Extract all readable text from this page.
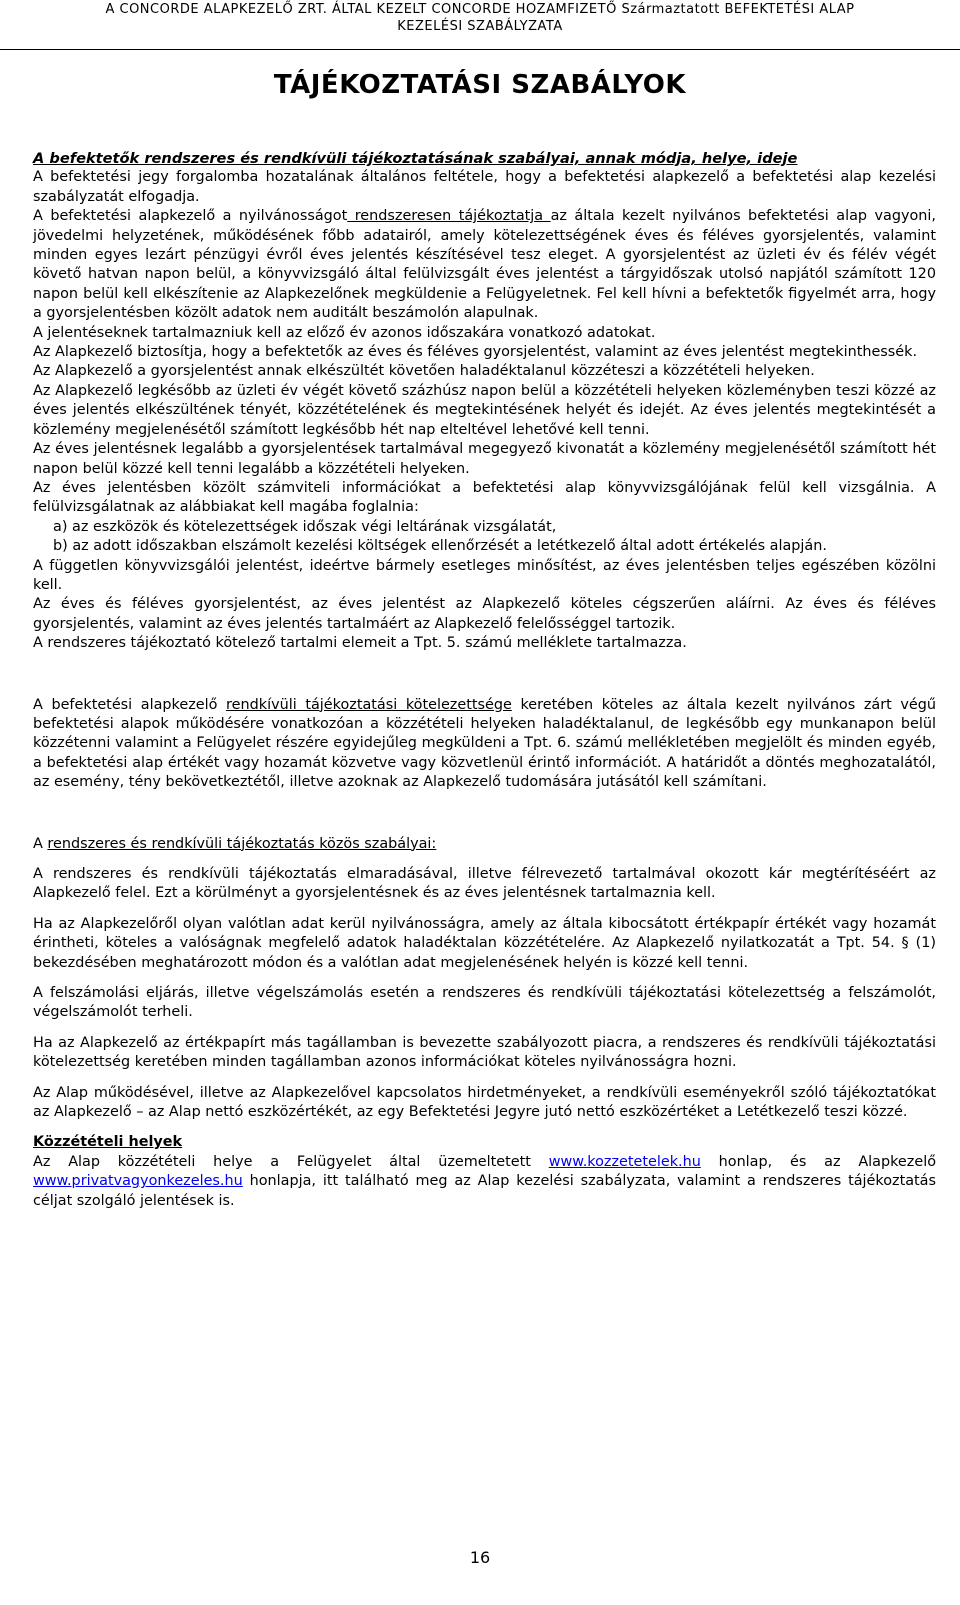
A CONCORDE ALAPKEZELŐ ZRT. ÁLTAL KEZELT CONCORDE HOZAMFIZETŐ Származtatott BEFEKTETÉSI ALAP
KEZELÉSI SZABÁLYZATA
TÁJÉKOZTATÁSI SZABÁLYOK

A befektetők rendszeres és rendkívüli tájékoztatásának szabályai, annak módja, helye, ideje

A befektetési jegy forgalomba hozatalának általános feltétele, hogy a befektetési alapkezelő a befektetési alap kezelési szabályzatát elfogadja.

A befektetési alapkezelő a nyilvánosságot rendszeresen tájékoztatja az általa kezelt nyilvános befektetési alap vagyoni, jövedelmi helyzetének, működésének főbb adatairól, amely kötelezettségének éves és féléves gyorsjelentés, valamint minden egyes lezárt pénzügyi évről éves jelentés készítésével tesz eleget. A gyorsjelentést az üzleti év és félév végét követő hatvan napon belül, a könyvvizsgáló által felülvizsgált éves jelentést a tárgyidőszak utolsó napjától számított 120 napon belül kell elkészítenie az Alapkezelőnek megküldenie a Felügyeletnek. Fel kell hívni a befektetők figyelmét arra, hogy a gyorsjelentésben közölt adatok nem auditált beszámolón alapulnak.

A jelentéseknek tartalmazniuk kell az előző év azonos időszakára vonatkozó adatokat.

Az Alapkezelő biztosítja, hogy a befektetők az éves és féléves gyorsjelentést, valamint az éves jelentést megtekinthessék.

Az Alapkezelő a gyorsjelentést annak elkészültét követően haladéktalanul közzéteszi a közzétételi helyeken.

Az Alapkezelő legkésőbb az üzleti év végét követő százhúsz napon belül a közzétételi helyeken közleményben teszi közzé az éves jelentés elkészültének tényét, közzétételének és megtekintésének helyét és idejét. Az éves jelentés megtekintését a közlemény megjelenésétől számított legkésőbb hét nap elteltével lehetővé kell tenni.

Az éves jelentésnek legalább a gyorsjelentések tartalmával megegyező kivonatát a közlemény megjelenésétől számított hét napon belül közzé kell tenni legalább a közzétételi helyeken.

Az éves jelentésben közölt számviteli információkat a befektetési alap könyvvizsgálójának felül kell vizsgálnia. A felülvizsgálatnak az alábbiakat kell magába foglalnia:

a) az eszközök és kötelezettségek időszak végi leltárának vizsgálatát,

b) az adott időszakban elszámolt kezelési költségek ellenőrzését a letétkezelő által adott értékelés alapján.

A független könyvvizsgálói jelentést, ideértve bármely esetleges minősítést, az éves jelentésben teljes egészében közölni kell.

Az éves és féléves gyorsjelentést, az éves jelentést az Alapkezelő köteles cégszerűen aláírni. Az éves és féléves gyorsjelentés, valamint az éves jelentés tartalmáért az Alapkezelő felelősséggel tartozik.

A rendszeres tájékoztató kötelező tartalmi elemeit a Tpt. 5. számú melléklete tartalmazza.

A befektetési alapkezelő rendkívüli tájékoztatási kötelezettsége keretében köteles az általa kezelt nyilvános zárt végű befektetési alapok működésére vonatkozóan a közzétételi helyeken haladéktalanul, de legkésőbb egy munkanapon belül közzétenni valamint a Felügyelet részére egyidejűleg megküldeni a Tpt. 6. számú mellékletében megjelölt és minden egyéb, a befektetési alap értékét vagy hozamát közvetve vagy közvetlenül érintő információt. A határidőt a döntés meghozatalától, az esemény, tény bekövetkeztétől, illetve azoknak az Alapkezelő tudomására jutásától kell számítani.

A rendszeres és rendkívüli tájékoztatás közös szabályai:

A rendszeres és rendkívüli tájékoztatás elmaradásával, illetve félrevezető tartalmával okozott kár megtérítéséért az Alapkezelő felel. Ezt a körülményt a gyorsjelentésnek és az éves jelentésnek tartalmaznia kell.

Ha az Alapkezelőről olyan valótlan adat kerül nyilvánosságra, amely az általa kibocsátott értékpapír értékét vagy hozamát érintheti, köteles a valóságnak megfelelő adatok haladéktalan közzétételére. Az Alapkezelő nyilatkozatát a Tpt. 54. § (1) bekezdésében meghatározott módon és a valótlan adat megjelenésének helyén is közzé kell tenni.

A felszámolási eljárás, illetve végelszámolás esetén a rendszeres és rendkívüli tájékoztatási kötelezettség a felszámolót, végelszámolót terheli.

Ha az Alapkezelő az értékpapírt más tagállamban is bevezette szabályozott piacra, a rendszeres és rendkívüli tájékoztatási kötelezettség keretében minden tagállamban azonos információkat köteles nyilvánosságra hozni.

Az Alap működésével, illetve az Alapkezelővel kapcsolatos hirdetményeket, a rendkívüli eseményekről szóló tájékoztatókat az Alapkezelő – az Alap nettó eszközértékét, az egy Befektetési Jegyre jutó nettó eszközértéket a Letétkezelő teszi közzé.

Közzétételi helyek

Az Alap közzétételi helye a Felügyelet által üzemeltetett www.kozzetetelek.hu honlap, és az Alapkezelő www.privatvagyonkezeles.hu honlapja, itt található meg az Alap kezelési szabályzata, valamint a rendszeres tájékoztatás céljat szolgáló jelentések is.

16
